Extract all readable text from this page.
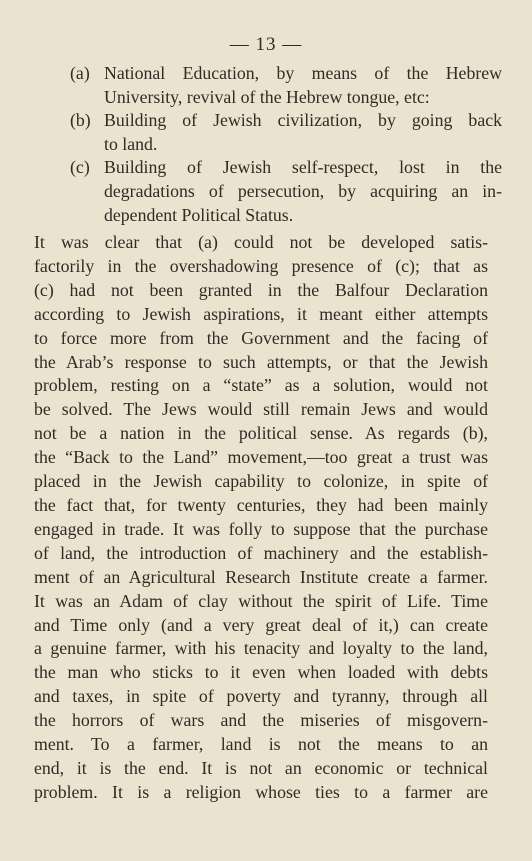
— 13 —
(a) National Education, by means of the Hebrew
University, revival of the Hebrew tongue, etc:
(b) Building of Jewish civilization, by going back
to land.
(c) Building of Jewish self-respect, lost in the
degradations of persecution, by acquiring an in-
dependent Political Status.
It was clear that (a) could not be developed satis-
factorily in the overshadowing presence of (c); that as
(c) had not been granted in the Balfour Declaration
according to Jewish aspirations, it meant either attempts
to force more from the Government and the facing of
the Arab’s response to such attempts, or that the Jewish
problem, resting on a “state” as a solution, would not
be solved. The Jews would still remain Jews and would
not be a nation in the political sense. As regards (b),
the “Back to the Land” movement,—too great a trust was
placed in the Jewish capability to colonize, in spite of
the fact that, for twenty centuries, they had been mainly
engaged in trade. It was folly to suppose that the purchase
of land, the introduction of machinery and the establish-
ment of an Agricultural Research Institute create a farmer.
It was an Adam of clay without the spirit of Life. Time
and Time only (and a very great deal of it,) can create
a genuine farmer, with his tenacity and loyalty to the land,
the man who sticks to it even when loaded with debts
and taxes, in spite of poverty and tyranny, through all
the horrors of wars and the miseries of misgovern-
ment. To a farmer, land is not the means to an
end, it is the end. It is not an economic or technical
problem. It is a religion whose ties to a farmer are
